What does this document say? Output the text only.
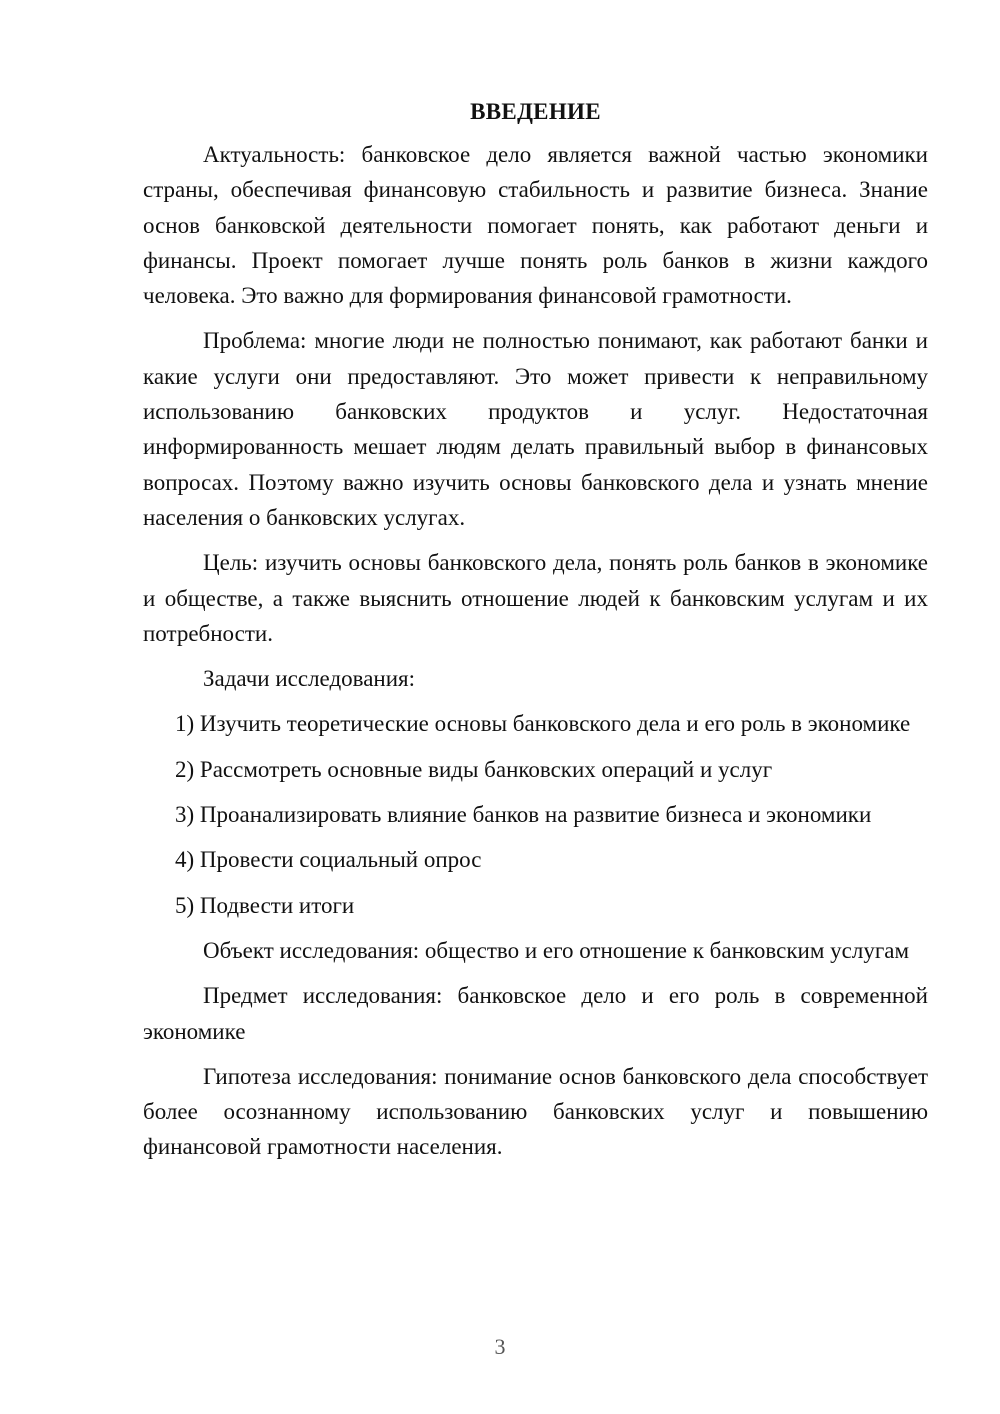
ВВЕДЕНИЕ

Актуальность: банковское дело является важной частью экономики страны, обеспечивая финансовую стабильность и развитие бизнеса. Знание основ банковской деятельности помогает понять, как работают деньги и финансы. Проект помогает лучше понять роль банков в жизни каждого человека. Это важно для формирования финансовой грамотности.

Проблема: многие люди не полностью понимают, как работают банки и какие услуги они предоставляют. Это может привести к неправильному использованию банковских продуктов и услуг. Недостаточная информированность мешает людям делать правильный выбор в финансовых вопросах. Поэтому важно изучить основы банковского дела и узнать мнение населения о банковских услугах.

Цель: изучить основы банковского дела, понять роль банков в экономике и обществе, а также выяснить отношение людей к банковским услугам и их потребности.

Задачи исследования:

1) Изучить теоретические основы банковского дела и его роль в экономике

2) Рассмотреть основные виды банковских операций и услуг

3) Проанализировать влияние банков на развитие бизнеса и экономики

4) Провести социальный опрос

5) Подвести итоги

Объект исследования: общество и его отношение к банковским услугам

Предмет исследования: банковское дело и его роль в современной экономике

Гипотеза исследования: понимание основ банковского дела способствует более осознанному использованию банковских услуг и повышению финансовой грамотности населения.

3
